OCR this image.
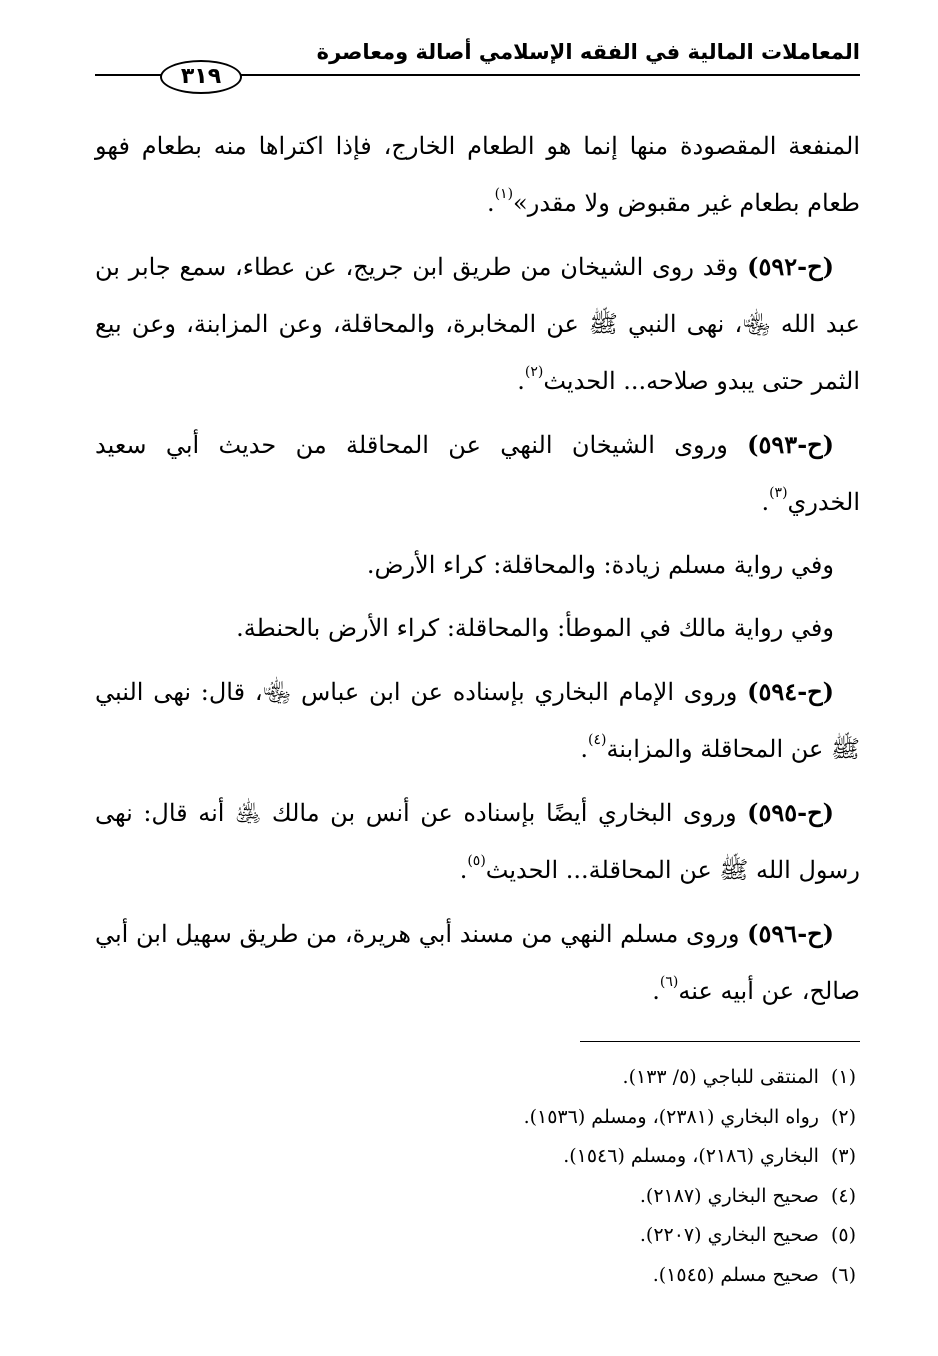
المعاملات المالية في الفقه الإسلامي أصالة ومعاصرة
٣١٩

المنفعة المقصودة منها إنما هو الطعام الخارج، فإذا اكتراها منه بطعام فهو طعام بطعام غير مقبوض ولا مقدر»$^{(١)}$.

(ح-٥٩٢) وقد روى الشيخان من طريق ابن جريج، عن عطاء، سمع جابر بن عبد الله ﵄، نهى النبي ﷺ عن المخابرة، والمحاقلة، وعن المزابنة، وعن بيع الثمر حتى يبدو صلاحه... الحديث$^{(٢)}$.

(ح-٥٩٣) وروى الشيخان النهي عن المحاقلة من حديث أبي سعيد الخدري$^{(٣)}$.

وفي رواية مسلم زيادة: والمحاقلة: كراء الأرض.

وفي رواية مالك في الموطأ: والمحاقلة: كراء الأرض بالحنطة.

(ح-٥٩٤) وروى الإمام البخاري بإسناده عن ابن عباس ﵄، قال: نهى النبي ﷺ عن المحاقلة والمزابنة$^{(٤)}$.

(ح-٥٩٥) وروى البخاري أيضًا بإسناده عن أنس بن مالك ﵁ أنه قال: نهى رسول الله ﷺ عن المحاقلة... الحديث$^{(٥)}$.

(ح-٥٩٦) وروى مسلم النهي من مسند أبي هريرة، من طريق سهيل ابن أبي صالح، عن أبيه عنه$^{(٦)}$.

(١)المنتقى للباجي (٥/ ١٣٣).

(٢)رواه البخاري (٢٣٨١)، ومسلم (١٥٣٦).

(٣)البخاري (٢١٨٦)، ومسلم (١٥٤٦).

(٤)صحيح البخاري (٢١٨٧).

(٥)صحيح البخاري (٢٢٠٧).

(٦)صحيح مسلم (١٥٤٥).
